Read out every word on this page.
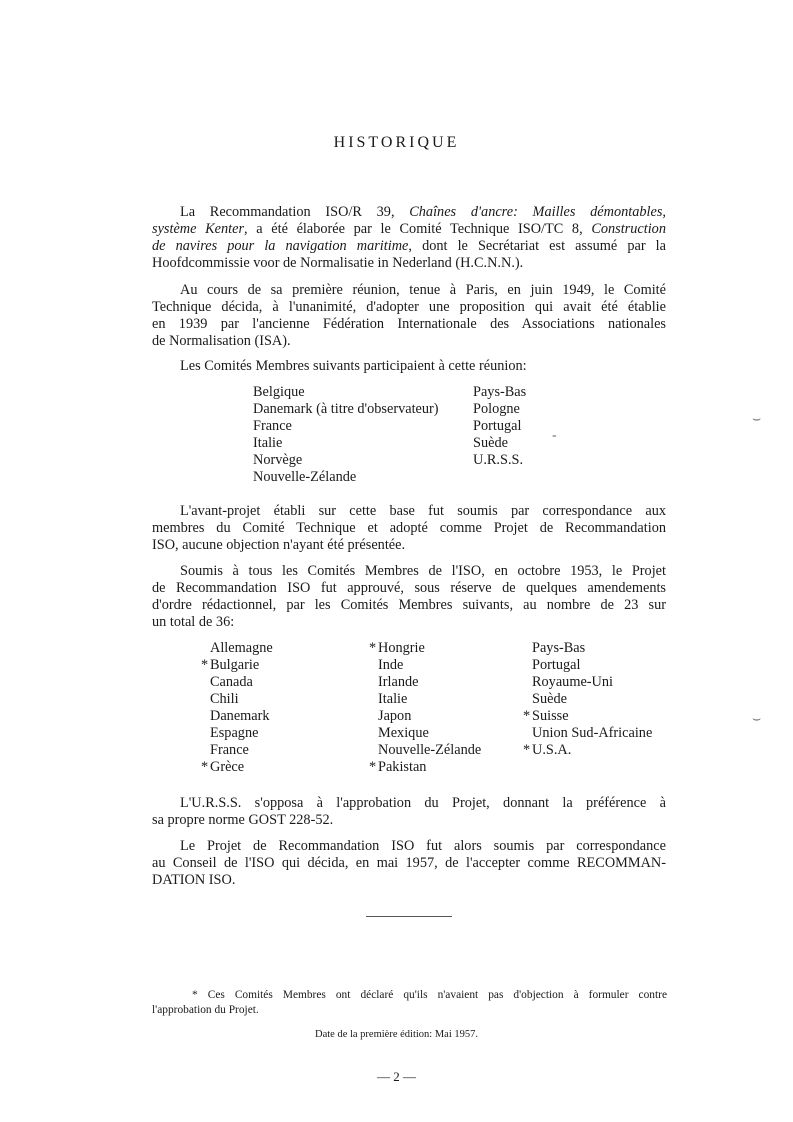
HISTORIQUE
La Recommandation ISO/R 39, Chaînes d'ancre: Mailles démontables,
système Kenter, a été élaborée par le Comité Technique ISO/TC 8, Construction
de navires pour la navigation maritime, dont le Secrétariat est assumé par la
Hoofdcommissie voor de Normalisatie in Nederland (H.C.N.N.).
Au cours de sa première réunion, tenue à Paris, en juin 1949, le Comité
Technique décida, à l'unanimité, d'adopter une proposition qui avait été établie
en 1939 par l'ancienne Fédération Internationale des Associations nationales
de Normalisation (ISA).
Les Comités Membres suivants participaient à cette réunion:
Belgique
Danemark (à titre d'observateur)
France
Italie
Norvège
Nouvelle-Zélande
Pays-Bas
Pologne
Portugal
Suède
U.R.S.S.
-
L'avant-projet établi sur cette base fut soumis par correspondance aux
membres du Comité Technique et adopté comme Projet de Recommandation
ISO, aucune objection n'ayant été présentée.
Soumis à tous les Comités Membres de l'ISO, en octobre 1953, le Projet
de Recommandation ISO fut approuvé, sous réserve de quelques amendements
d'ordre rédactionnel, par les Comités Membres suivants, au nombre de 23 sur
un total de 36:
Allemagne
* Bulgarie
Canada
Chili
Danemark
Espagne
France
* Grèce
* Hongrie
Inde
Irlande
Italie
Japon
Mexique
Nouvelle-Zélande
* Pakistan
Pays-Bas
Portugal
Royaume-Uni
Suède
* Suisse
Union Sud-Africaine
* U.S.A.
L'U.R.S.S. s'opposa à l'approbation du Projet, donnant la préférence à
sa propre norme GOST 228-52.
Le Projet de Recommandation ISO fut alors soumis par correspondance
au Conseil de l'ISO qui décida, en mai 1957, de l'accepter comme RECOMMAN-
DATION ISO.
* Ces Comités Membres ont déclaré qu'ils n'avaient pas d'objection à formuler contre
l'approbation du Projet.
Date de la première édition: Mai 1957.
— 2 —
⌣
⌣
